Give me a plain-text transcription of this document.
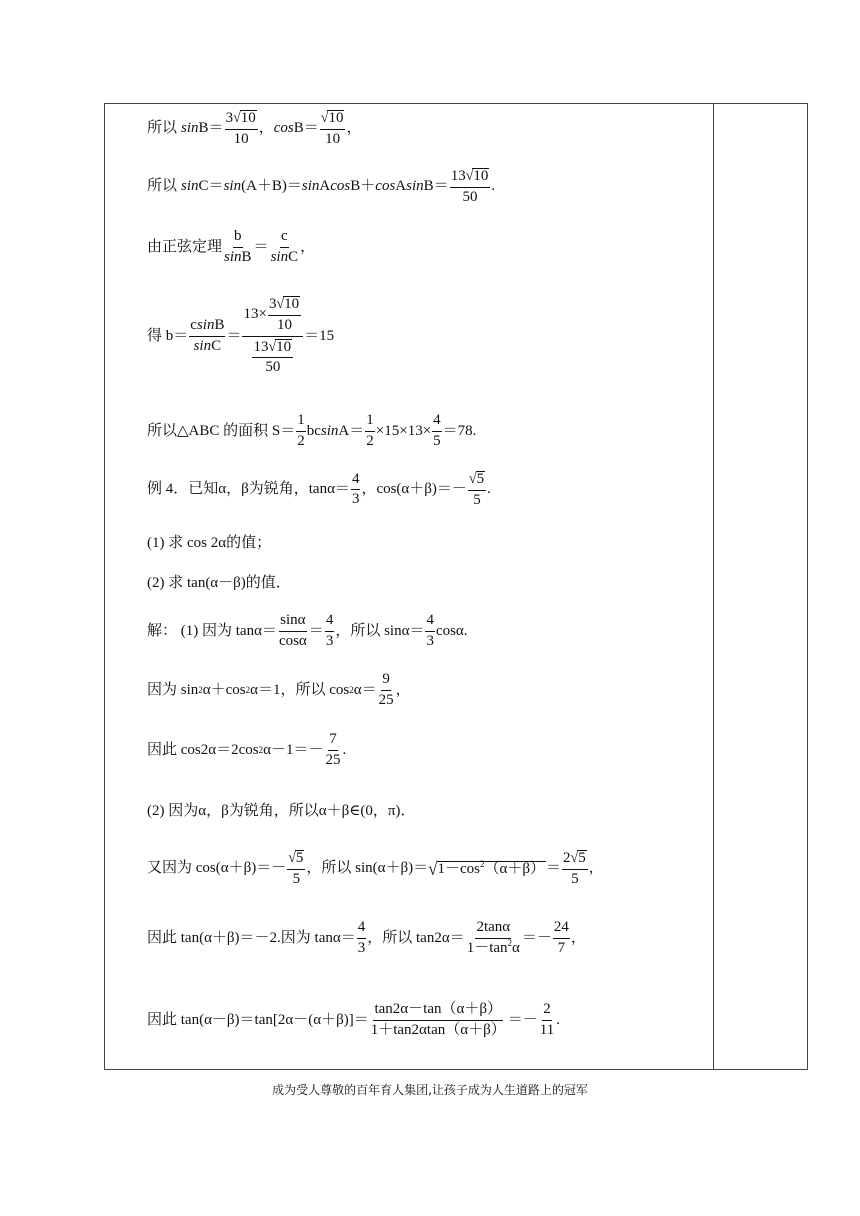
所以 $\sin B = \frac{3 √ 10}{10}$ ， $\cos B = \frac{√ 10}{10}$ ，
所以 sin C ＝ sin (A＋B)＝ sin A cos B ＋ cos A $\sin B = \frac{13 √ 10}{50}$ .
由正弦定理 $\frac{b}{\sin B} = \frac{c}{\sin C}$ ，
得 $b= \frac{csinB}{\sin C} = \frac{13\times \frac{3 √ 10}{10}}{\frac{13 √ 10}{50}} =15$
所以△ABC 的面积 $S= \frac{1}{2}$ bc $\sin A = \frac{1}{2} \times 15\times 13\times \frac{4}{5} =78$.
例 4．已知α，β为锐角，$\tan\alpha= \frac{4}{3}$ ，$\cos(\alpha+\beta)=- \frac{√ 5}{5}$ .
(1) 求 cos 2α的值；
(2) 求 tan(α－β)的值．
解： (1) 因为 $\tan\alpha= \frac{\sin\alpha}{\cos\alpha} = \frac{4}{3}$ ，所以 $\sin\alpha= \frac{4}{3} \cos\alpha$.
因为 sin 2 α＋cos 2 α＝1，所以 cos 2 $\alpha= \frac{9}{25}$ ，
因此 cos2α＝2cos 2 $\alpha-1=- \frac{7}{25}$ .
(2) 因为α，β为锐角，所以α＋β∈(0，π)．
又因为 $\cos(\alpha+\beta)=- \frac{√ 5}{5}$ ，所以 sin(α＋β)＝ √ $1-\cos^2(\alpha+\beta) = \frac{2 √ 5}{5}$ ，
因此 tan(α＋β)＝－2.因为 $\tan\alpha= \frac{4}{3}$ ，所以 $\tan 2\alpha= \frac{2\tan\alpha}{1-\tan^2\alpha} =- \frac{24}{7}$ ，
因此 $\tan(\alpha-\beta)=\tan[2\alpha-(\alpha+\beta)]= \frac{\tan 2\alpha-\tan(\alpha+\beta)}{1+\tan 2\alpha\tan(\alpha+\beta)} =- \frac{2}{11}$ .
成为受人尊敬的百年育人集团,让孩子成为人生道路上的冠军
